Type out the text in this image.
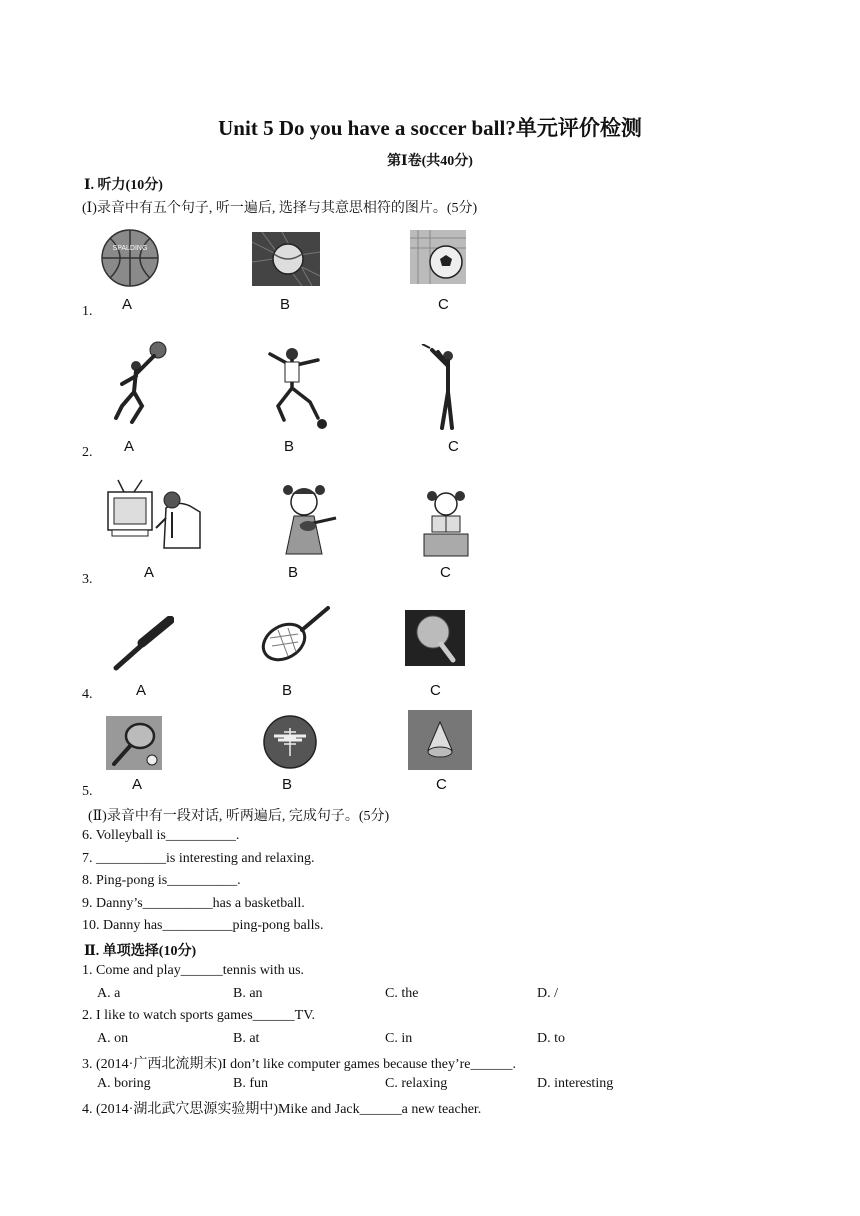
Unit 5 Do you have a soccer ball?单元评价检测
第Ⅰ卷(共40分)
Ⅰ. 听力(10分)
(Ⅰ)录音中有五个句子, 听一遍后, 选择与其意思相符的图片。(5分)
SPALDING
A	B	C
1.
A	B	C
2.
A	B	C
3.
A	B	C
4.
A	B	C
5.
(Ⅱ)录音中有一段对话, 听两遍后, 完成句子。(5分)
6. Volleyball is__________.
7. __________is interesting and relaxing.
8. Ping-pong is__________.
9. Danny’s__________has a basketball.
10. Danny has__________ping-pong balls.
Ⅱ. 单项选择(10分)
1. Come and play______tennis with us.
A. a	B. an	C. the	D. /
2. I like to watch sports games______TV.
A. on	B. at	C. in	D. to
3. (2014·广西北流期末)I don’t like computer games because they’re______.
A. boring	B. fun	C. relaxing	D. interesting
4. (2014·湖北武穴思源实验期中)Mike and Jack______a new teacher.
